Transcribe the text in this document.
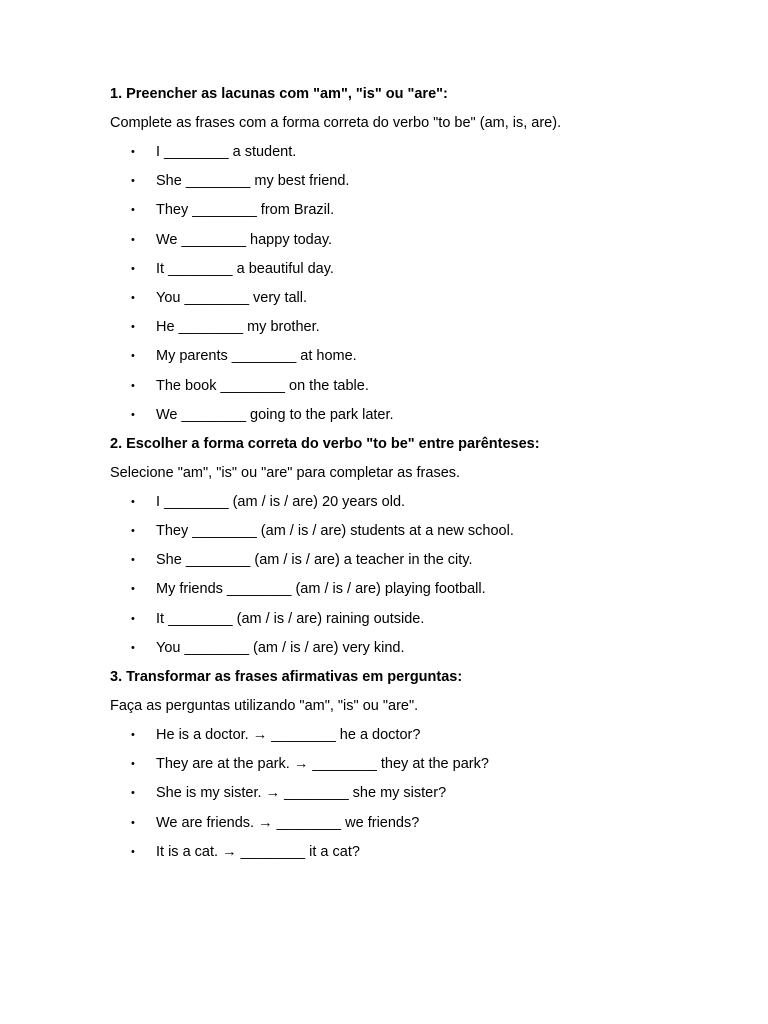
1. Preencher as lacunas com "am", "is" ou "are":
Complete as frases com a forma correta do verbo "to be" (am, is, are).
• I ________ a student.
• She ________ my best friend.
• They ________ from Brazil.
• We ________ happy today.
• It ________ a beautiful day.
• You ________ very tall.
• He ________ my brother.
• My parents ________ at home.
• The book ________ on the table.
• We ________ going to the park later.
2. Escolher a forma correta do verbo "to be" entre parênteses:
Selecione "am", "is" ou "are" para completar as frases.
• I ________ (am / is / are) 20 years old.
• They ________ (am / is / are) students at a new school.
• She ________ (am / is / are) a teacher in the city.
• My friends ________ (am / is / are) playing football.
• It ________ (am / is / are) raining outside.
• You ________ (am / is / are) very kind.
3. Transformar as frases afirmativas em perguntas:
Faça as perguntas utilizando "am", "is" ou "are".
• He is a doctor. → ________ he a doctor?
• They are at the park. → ________ they at the park?
• She is my sister. → ________ she my sister?
• We are friends. → ________ we friends?
• It is a cat. → ________ it a cat?
